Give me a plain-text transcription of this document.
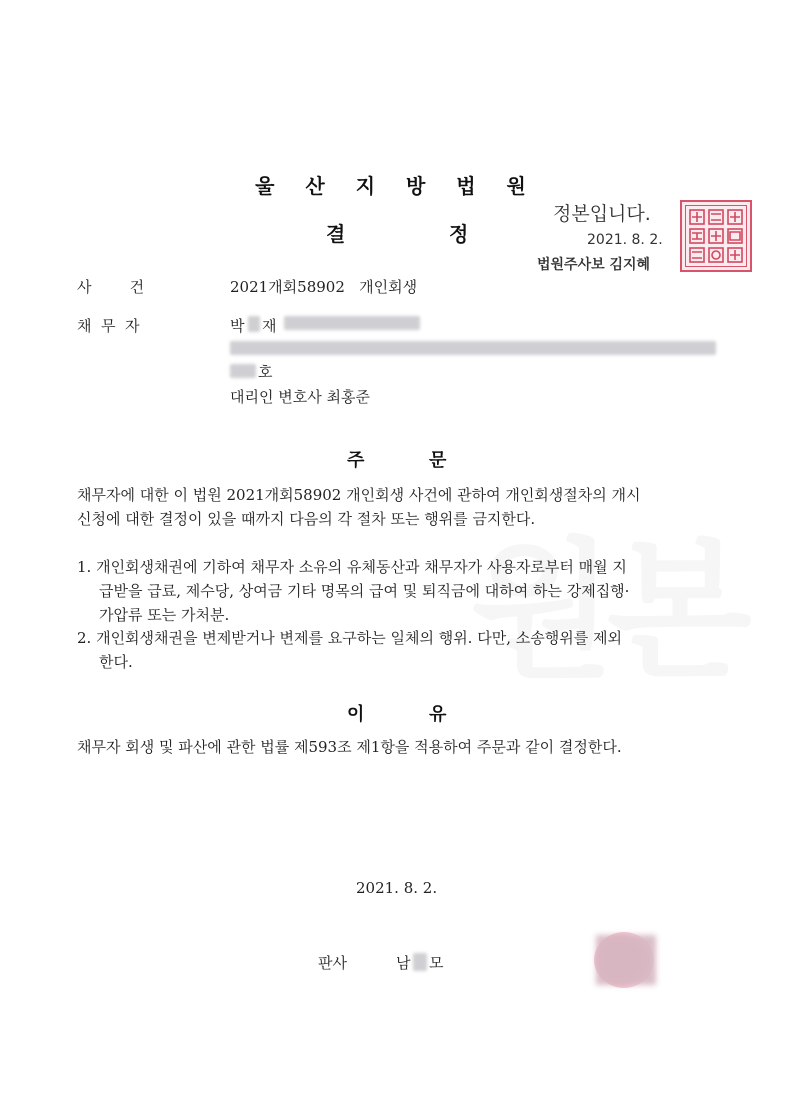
울 산 지 방 법 원
결	정
정본입니다.
2021. 8. 2.
법원주사보 김지혜
사        건	2021개회58902   개인회생
채  무  자	박 재
호
대리인 변호사 최홍준
주	문
채무자에 대한 이 법원 2021개회58902 개인회생 사건에 관하여 개인회생절차의 개시
신청에 대한 결정이 있을 때까지 다음의 각 절차 또는 행위를 금지한다.
1. 개인회생채권에 기하여 채무자 소유의 유체동산과 채무자가 사용자로부터 매월 지
급받을 급료, 제수당, 상여금 기타 명목의 급여 및 퇴직금에 대하여 하는 강제집행·
가압류 또는 가처분.
2. 개인회생채권을 변제받거나 변제를 요구하는 일체의 행위. 다만, 소송행위를 제외
한다.
이	유
채무자 회생 및 파산에 관한 법률 제593조 제1항을 적용하여 주문과 같이 결정한다.
2021. 8. 2.
판사	남 모
